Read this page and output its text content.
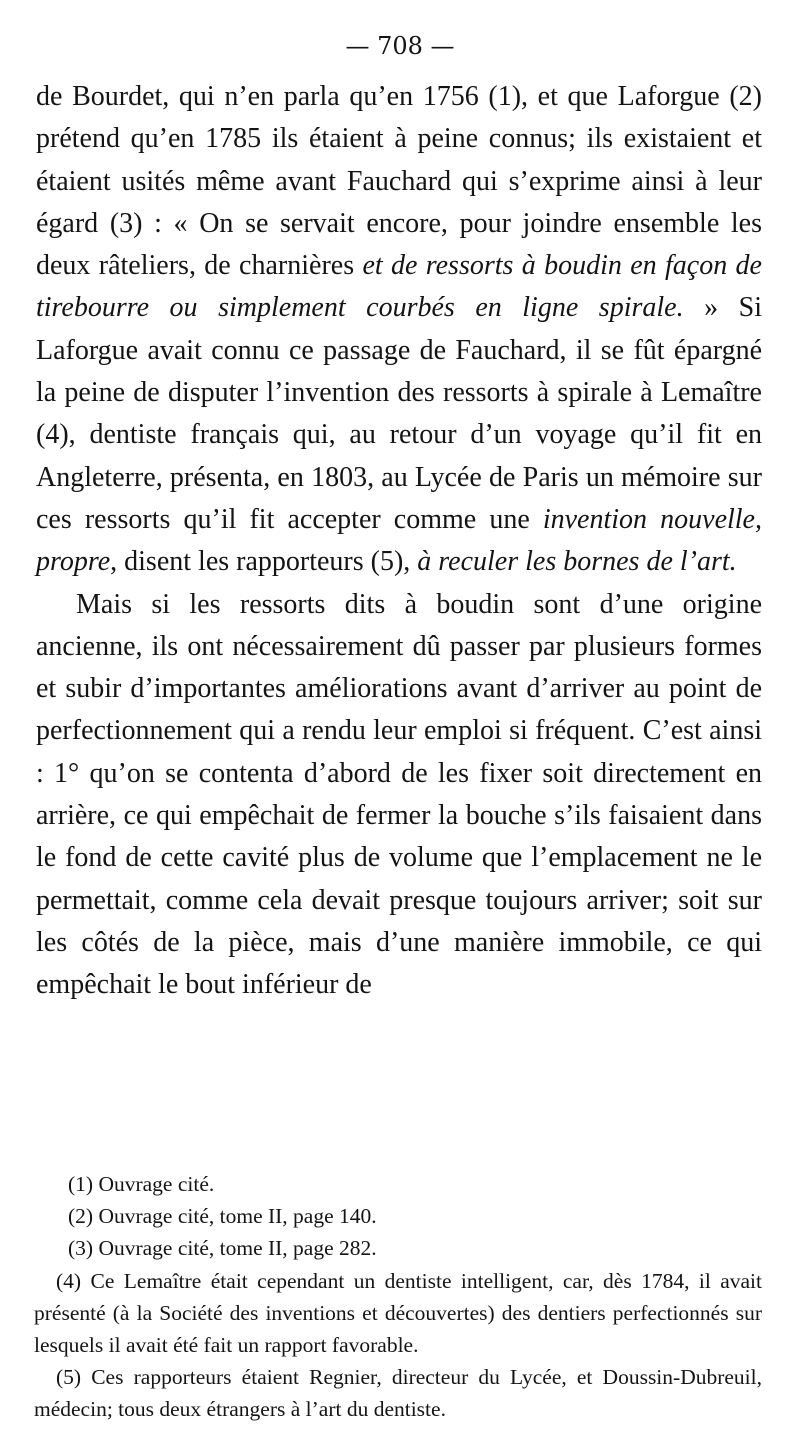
— 708 —

de Bourdet, qui n’en parla qu’en 1756 (1), et que Laforgue (2) prétend qu’en 1785 ils étaient à peine connus; ils existaient et étaient usités même avant Fauchard qui s’exprime ainsi à leur égard (3) : « On se servait encore, pour joindre ensemble les deux râteliers, de charnières et de ressorts à boudin en façon de tirebourre ou simplement courbés en ligne spirale. » Si Laforgue avait connu ce passage de Fauchard, il se fût épargné la peine de disputer l’invention des ressorts à spirale à Lemaître (4), dentiste français qui, au retour d’un voyage qu’il fit en Angleterre, présenta, en 1803, au Lycée de Paris un mémoire sur ces ressorts qu’il fit accepter comme une invention nouvelle, propre, disent les rapporteurs (5), à reculer les bornes de l’art.

Mais si les ressorts dits à boudin sont d’une origine ancienne, ils ont nécessairement dû passer par plusieurs formes et subir d’importantes améliorations avant d’arriver au point de perfectionnement qui a rendu leur emploi si fréquent. C’est ainsi : 1° qu’on se contenta d’abord de les fixer soit directement en arrière, ce qui empêchait de fermer la bouche s’ils faisaient dans le fond de cette cavité plus de volume que l’emplacement ne le permettait, comme cela devait presque toujours arriver; soit sur les côtés de la pièce, mais d’une manière immobile, ce qui empêchait le bout inférieur de

(1) Ouvrage cité.
(2) Ouvrage cité, tome II, page 140.
(3) Ouvrage cité, tome II, page 282.
(4) Ce Lemaître était cependant un dentiste intelligent, car, dès 1784, il avait présenté (à la Société des inventions et découvertes) des dentiers perfectionnés sur lesquels il avait été fait un rapport favorable.
(5) Ces rapporteurs étaient Regnier, directeur du Lycée, et Doussin-Dubreuil, médecin; tous deux étrangers à l’art du dentiste.
